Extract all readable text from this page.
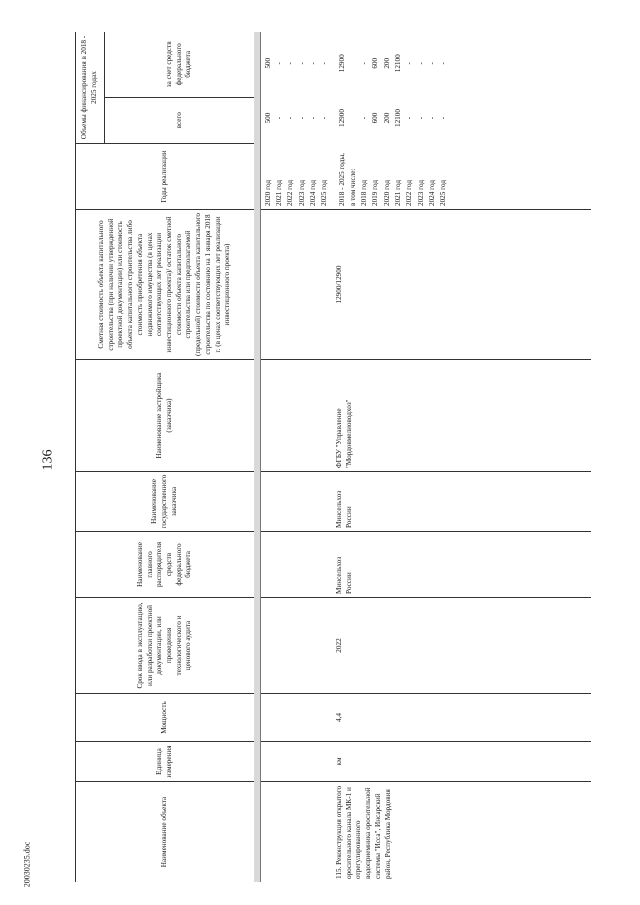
136
20030235.doc	Наименование объекта
Единица измерения
Мощность
Срок ввода в эксплуатацию, или разработки проектной документации, или проведения технологического и ценового аудита
Наименование главного распорядителя средств федерального бюджета
Наименование государственного заказчика
Наименование застройщика (заказчика)
Сметная стоимость объекта капитального строительства (при наличии утвержденной проектной документации) или стоимость объекта капитального строительства либо стоимость приобретения объекта недвижимого имущества (в ценах соответствующих лет реализации инвестиционного проекта)/ остаток сметной стоимости объекта капитального строительства или предполагаемой (предельной) стоимости объекта капитального строительства по состоянию на 1 января 2018 г. (в ценах соответствующих лет реализации инвестиционного проекта)
Годы реализации
Объемы финансирования в 2018 - 2025 годах
всего
за счет средств федерального бюджета
115. Реконструкция открытого оросительного канала МК-1 и отрегулированного водоприемника оросительной системы "Исса", Инсарский район, Республика Мордовия
км
4,4
2022
Минсельхоз России
Минсельхоз России
ФГБУ "Управление "Мордовмелиоводхоз"
12900/12900
2020 год
500
500
2021 год
-
-
2022 год
-
-
2023 год
-
-
2024 год
-
-
2025 год
-
-
2018 - 2025 годы,
12900
12900
в том числе: 2018 год
-
-
2019 год
600
600
2020 год
200
200
2021 год
12100
12100
2022 год
-
-
2023 год
-
-
2024 год
-
-
2025 год
-
-
